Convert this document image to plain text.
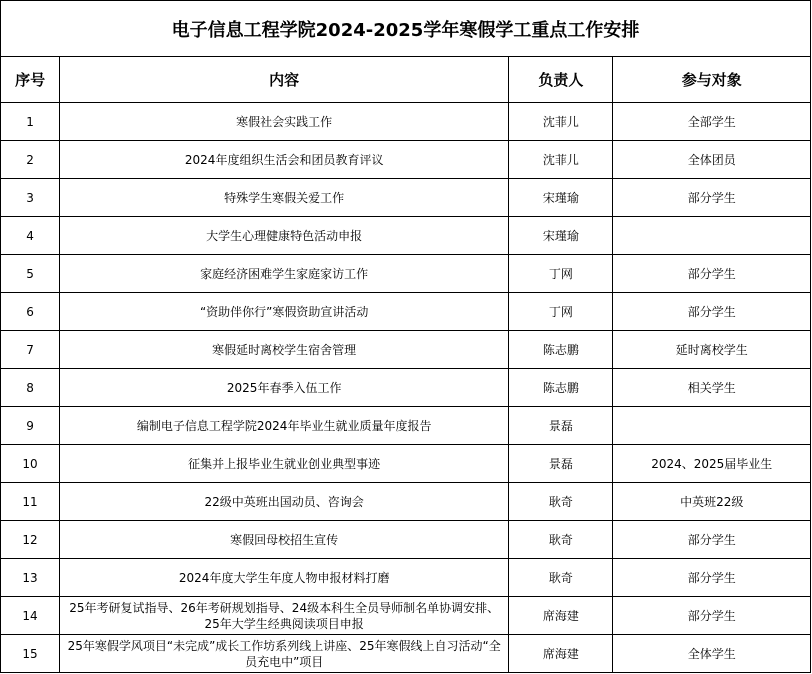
电子信息工程学院2024-2025学年寒假学工重点工作安排			
序号	内容	负责人	参与对象

1	寒假社会实践工作	沈菲儿	全部学生

2	2024年度组织生活会和团员教育评议	沈菲儿	全体团员

3	特殊学生寒假关爱工作	宋瑾瑜	部分学生

4	大学生心理健康特色活动申报	宋瑾瑜	

5	家庭经济困难学生家庭家访工作	丁网	部分学生

6	“资助伴你行”寒假资助宣讲活动	丁网	部分学生

7	寒假延时离校学生宿舍管理	陈志鹏	延时离校学生

8	2025年春季入伍工作	陈志鹏	相关学生

9	编制电子信息工程学院2024年毕业生就业质量年度报告	景磊	

10	征集并上报毕业生就业创业典型事迹	景磊	2024、2025届毕业生

11	22级中英班出国动员、咨询会	耿奇	中英班22级

12	寒假回母校招生宣传	耿奇	部分学生

13	2024年度大学生年度人物申报材料打磨	耿奇	部分学生

14	25年考研复试指导、26年考研规划指导、24级本科生全员导师制名单协调安排、25年大学生经典阅读项目申报	席海建	部分学生

15	25年寒假学风项目“未完成”成长工作坊系列线上讲座、25年寒假线上自习活动“全员充电中”项目	席海建	全体学生
